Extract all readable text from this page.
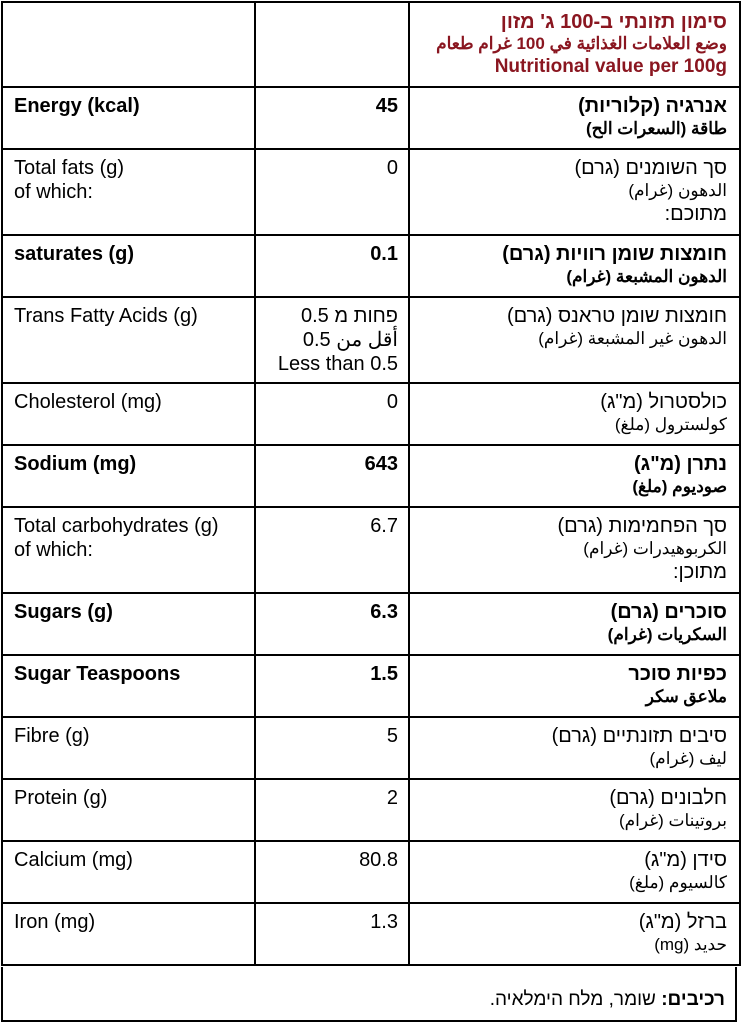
		סימון תזונתי ב-100 ג' מזון
وضع العلامات الغذائية في 100 غرام طعام
Nutritional value per 100g

Energy (kcal)	45	אנרגיה (קלוריות)
طاقة (السعرات الح)

Total fats (g)
of which:	0	סך השומנים (גרם)
الدهون (غرام)
מתוכם:

saturates (g)	0.1	חומצות שומן רוויות (גרם)
الدهون المشبعة (غرام)

Trans Fatty Acids (g)	פחות מ 0.5
أقل من 0.5
Less than 0.5	חומצות שומן טראנס (גרם)
الدهون غير المشبعة (غرام)

Cholesterol (mg)	0	כולסטרול (מ"ג)
كولسترول (ملغ)

Sodium (mg)	643	נתרן (מ"ג)
صوديوم (ملغ)

Total carbohydrates (g)
of which:	6.7	סך הפחמימות (גרם)
الكربوهيدرات (غرام)
מתוכן:

Sugars (g)	6.3	סוכרים (גרם)
السكريات (غرام)

Sugar Teaspoons	1.5	כפיות סוכר
ملاعق سكر

Fibre (g)	5	סיבים תזונתיים (גרם)
ليف (غرام)

Protein (g)	2	חלבונים (גרם)
بروتينات (غرام)

Calcium (mg)	80.8	סידן (מ"ג)
كالسيوم (ملغ)

Iron (mg)	1.3	ברזל (מ"ג)
حديد (mg)
רכיבים: שומר, מלח הימלאיה.
